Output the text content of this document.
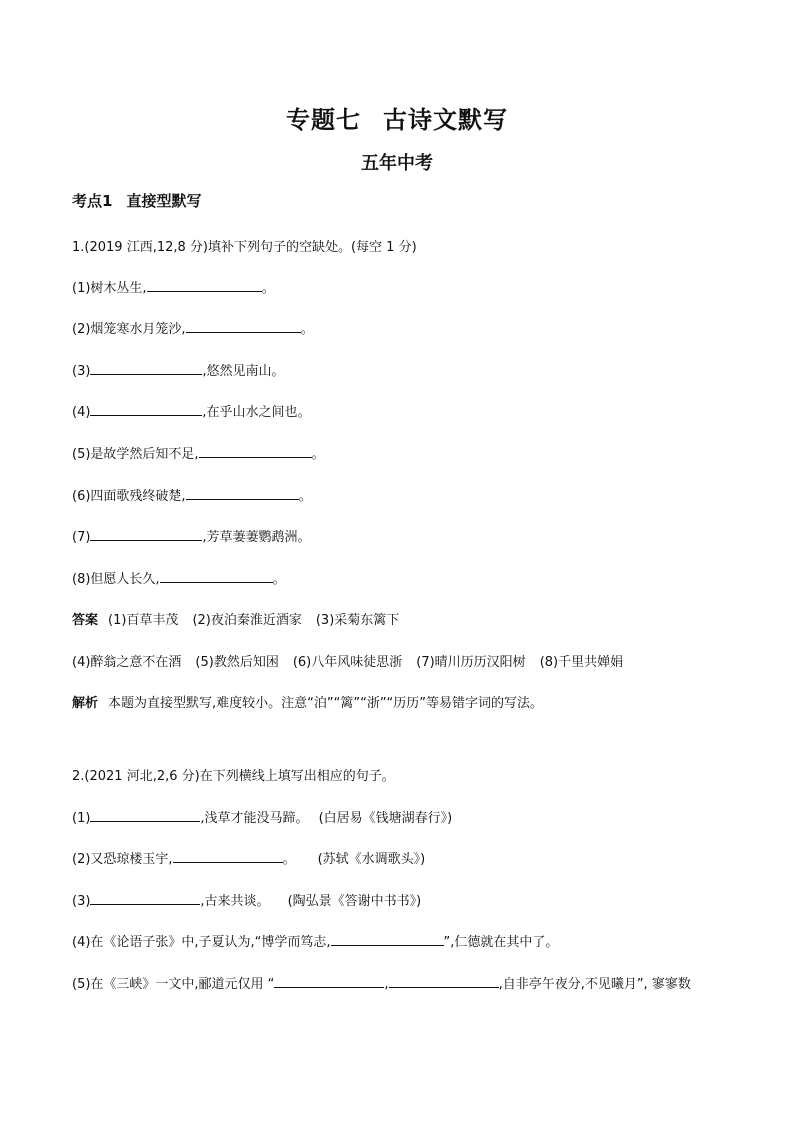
专题七 古诗文默写
五年中考
考点1 直接型默写
1.(2019 江西,12,8 分)填补下列句子的空缺处。(每空 1 分)
(1)树木丛生,	。
(2)烟笼寒水月笼沙,	。
(3)	,悠然见南山。
(4)	,在乎山水之间也。
(5)是故学然后知不足,	。
(6)四面歌残终破楚,	。
(7)	,芳草萋萋鹦鹉洲。
(8)但愿人长久,	。
答案 (1)百草丰茂 (2)夜泊秦淮近酒家 (3)采菊东篱下
(4)醉翁之意不在酒 (5)教然后知困 (6)八年风味徒思浙 (7)晴川历历汉阳树 (8)千里共婵娟
解析 本题为直接型默写,难度较小。注意“泊”“篱”“浙”“历历”等易错字词的写法。
2.(2021 河北,2,6 分)在下列横线上填写出相应的句子。
(1)	,浅草才能没马蹄。 (白居易《钱塘湖春行》)
(2)又恐琼楼玉宇,	。 (苏轼《水调歌头》)
(3)	,古来共谈。 (陶弘景《答谢中书书》)
(4)在《论语子张》中,子夏认为,“博学而笃志,	”,仁德就在其中了。
(5)在《三峡》一文中,郦道元仅用 “	,	,自非亭午夜分,不见曦月”, 寥寥数
